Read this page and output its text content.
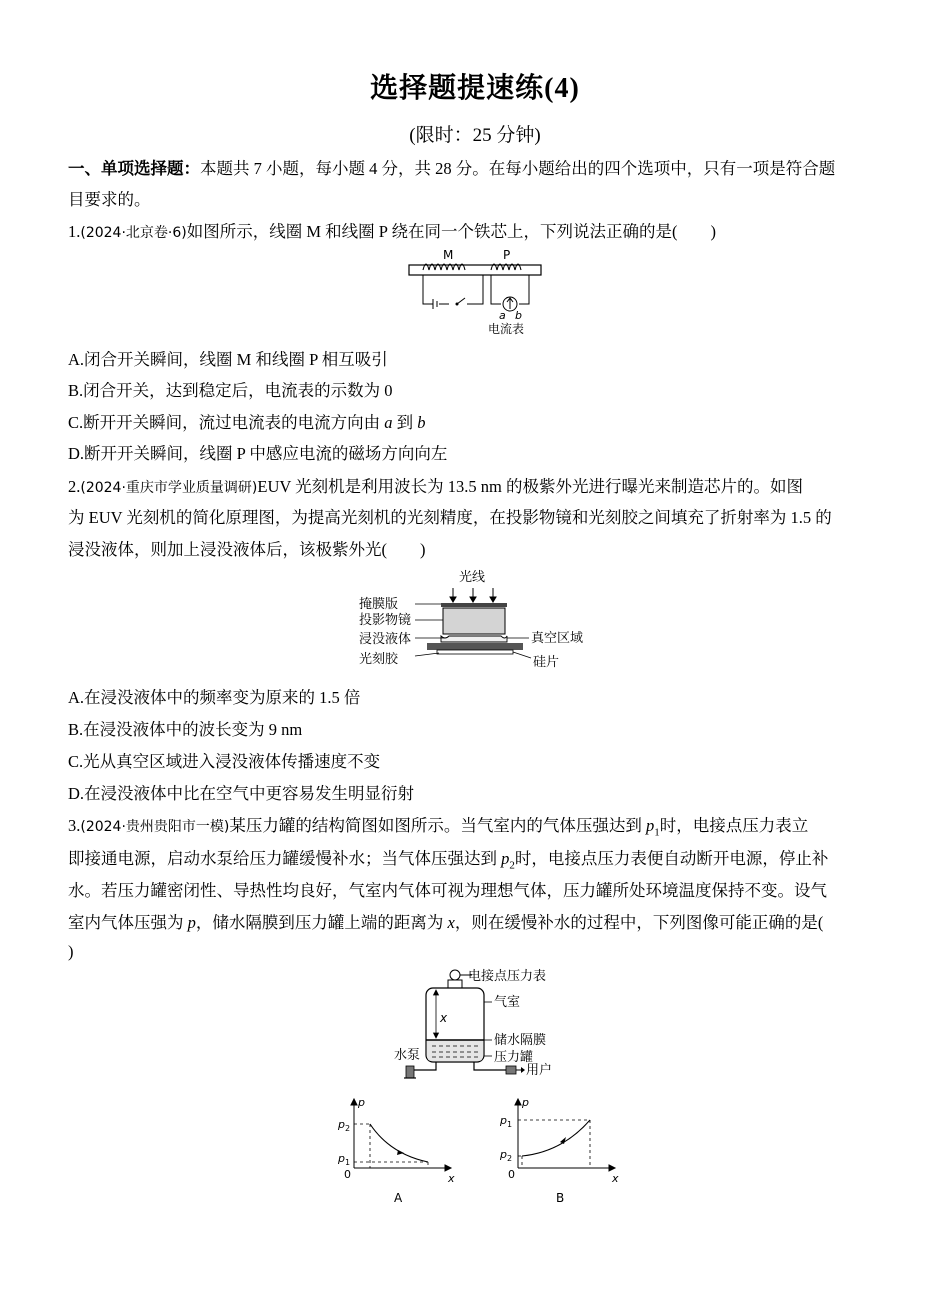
选择题提速练(4)
(限时：25 分钟)
一、单项选择题：本题共 7 小题，每小题 4 分，共 28 分。在每小题给出的四个选项中，只有一项是符合题
目要求的。
1.(2024·北京卷·6)如图所示，线圈 M 和线圈 P 绕在同一个铁芯上，下列说法正确的是(　　)
M	P
a b
电流表
A.闭合开关瞬间，线圈 M 和线圈 P 相互吸引
B.闭合开关，达到稳定后，电流表的示数为 0
C.断开开关瞬间，流过电流表的电流方向由 a 到 b
D.断开开关瞬间，线圈 P 中感应电流的磁场方向向左
2.(2024·重庆市学业质量调研)EUV 光刻机是利用波长为 13.5 nm 的极紫外光进行曝光来制造芯片的。如图
为 EUV 光刻机的简化原理图，为提高光刻机的光刻精度，在投影物镜和光刻胶之间填充了折射率为 1.5 的
浸没液体，则加上浸没液体后，该极紫外光(　　)
光线
掩膜版
投影物镜
浸没液体
光刻胶
真空区域
硅片
A.在浸没液体中的频率变为原来的 1.5 倍
B.在浸没液体中的波长变为 9 nm
C.光从真空区域进入浸没液体传播速度不变
D.在浸没液体中比在空气中更容易发生明显衍射
3.(2024·贵州贵阳市一模)某压力罐的结构简图如图所示。当气室内的气体压强达到 $p_1$时，电接点压力表立
即接通电源，启动水泵给压力罐缓慢补水；当气体压强达到 $p_2$时，电接点压力表便自动断开电源，停止补
水。若压力罐密闭性、导热性均良好，气室内气体可视为理想气体，压力罐所处环境温度保持不变。设气
室内气体压强为 p，储水隔膜到压力罐上端的距离为 x，则在缓慢补水的过程中，下列图像可能正确的是(
)
电接点压力表
x
气室
储水隔膜
压力罐
水泵
用户
p
x
0
$p_2$
$p_1$
A
p
x
0
$p_1$
$p_2$
B
